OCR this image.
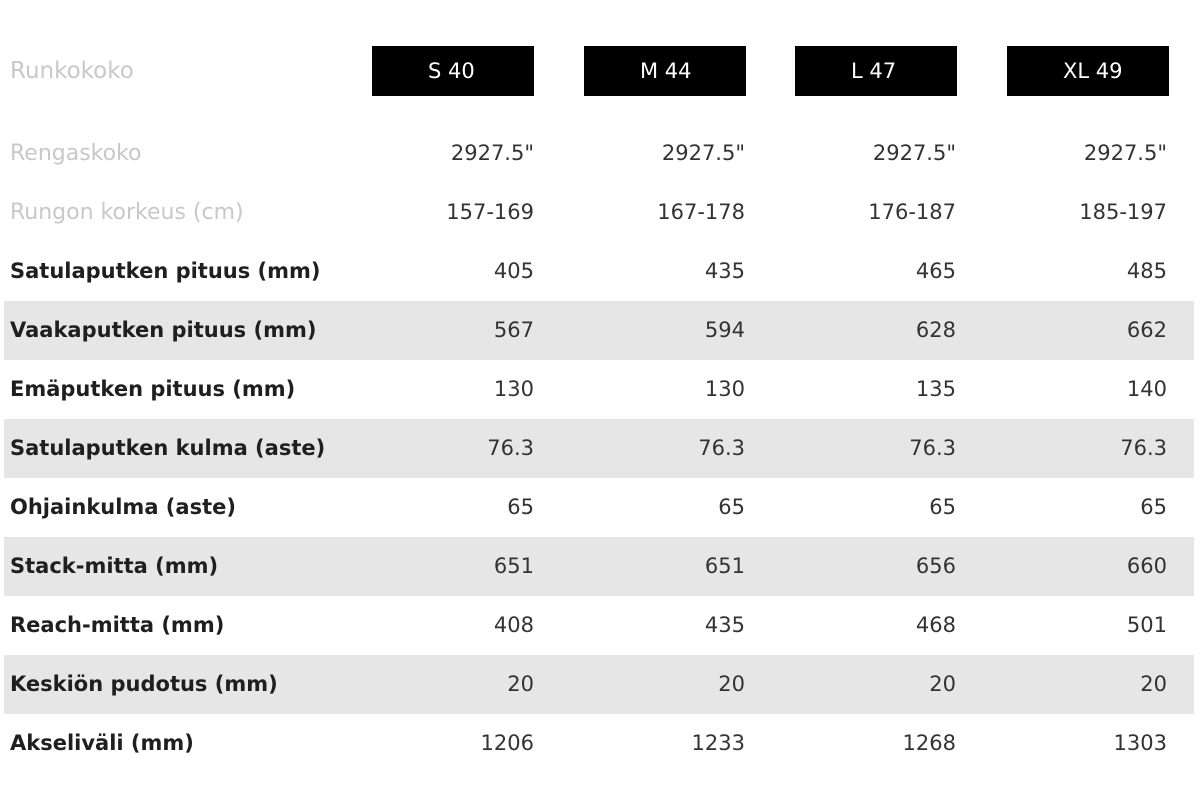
Runkokoko	S 40	M 44	L 47	XL 49
Rengaskoko	2927.5"	2927.5"	2927.5"	2927.5"
Rungon korkeus (cm)	157-169	167-178	176-187	185-197
Satulaputken pituus (mm)	405	435	465	485
Vaakaputken pituus (mm)	567	594	628	662
Emäputken pituus (mm)	130	130	135	140
Satulaputken kulma (aste)	76.3	76.3	76.3	76.3
Ohjainkulma (aste)	65	65	65	65
Stack-mitta (mm)	651	651	656	660
Reach-mitta (mm)	408	435	468	501
Keskiön pudotus (mm)	20	20	20	20
Akseliväli (mm)	1206	1233	1268	1303
